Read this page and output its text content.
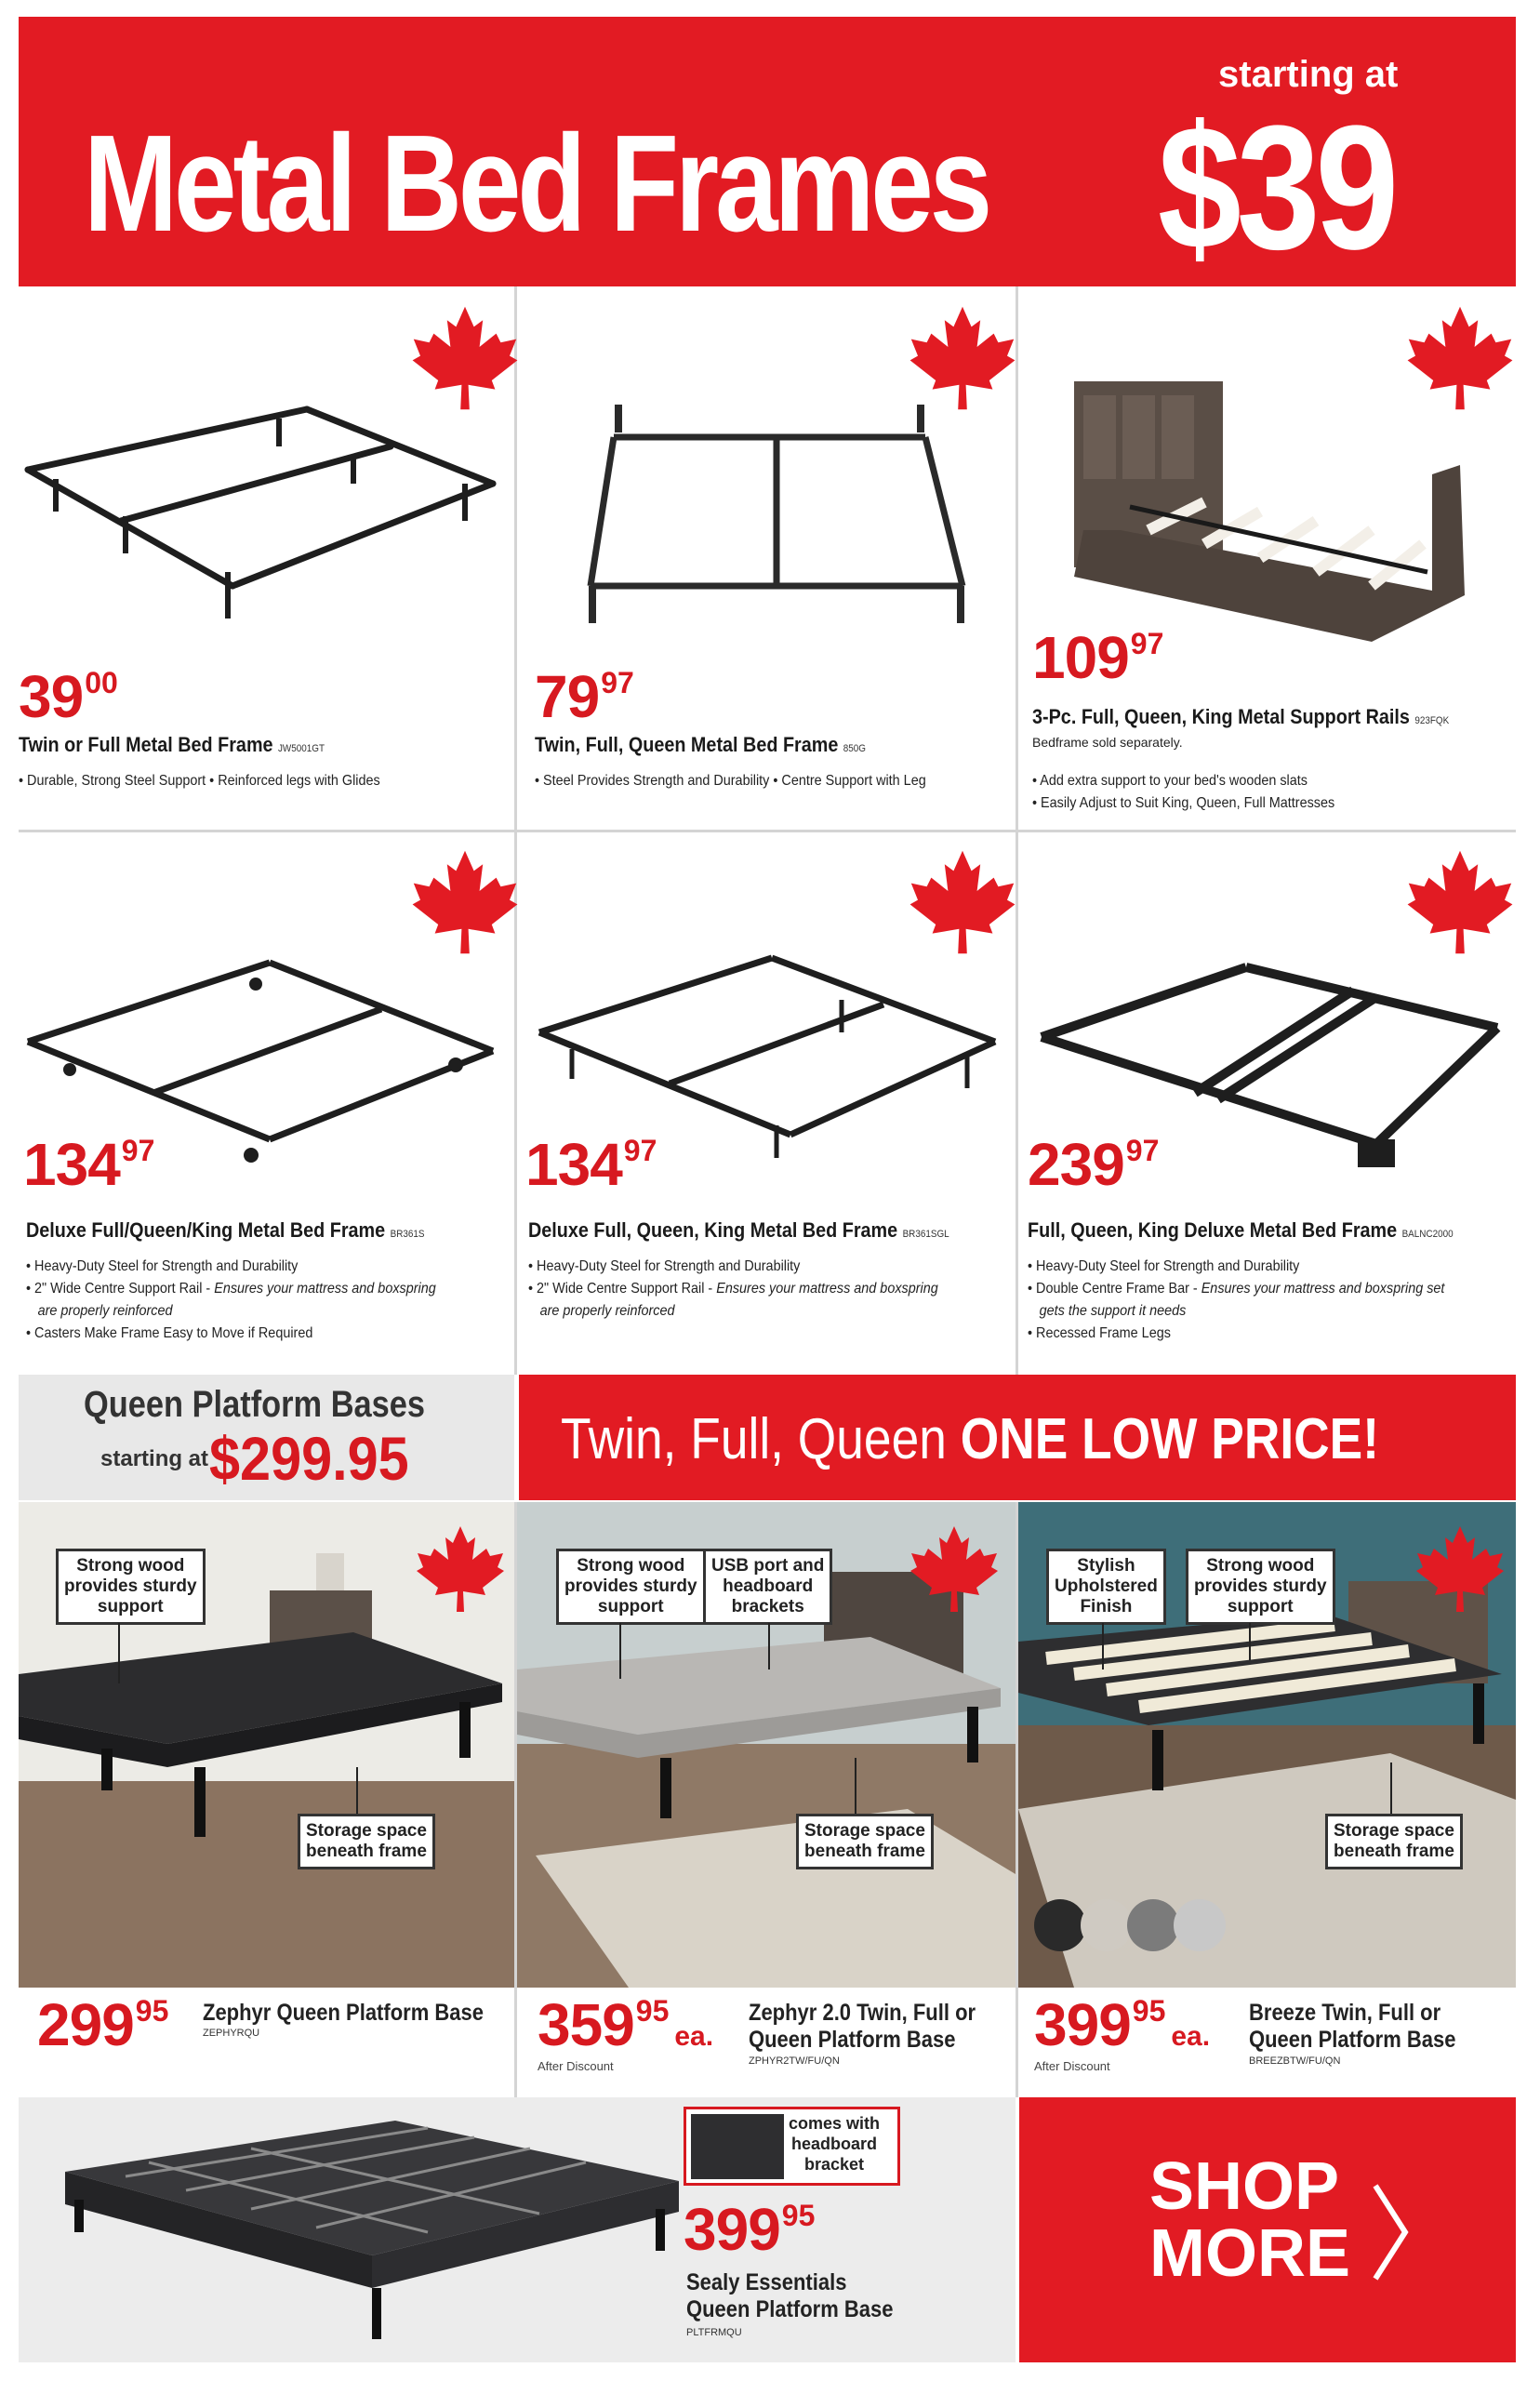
Metal Bed Frames
starting at
$39
3900
Twin or Full Metal Bed Frame JW5001GT
• Durable, Strong Steel Support • Reinforced legs with Glides
7997
Twin, Full, Queen Metal Bed Frame 850G
• Steel Provides Strength and Durability • Centre Support with Leg
10997
3-Pc. Full, Queen, King Metal Support Rails 923FQK
Bedframe sold separately.
• Add extra support to your bed's wooden slats
• Easily Adjust to Suit King, Queen, Full Mattresses
13497
Deluxe Full/Queen/King Metal Bed Frame BR361S
• Heavy-Duty Steel for Strength and Durability
• 2" Wide Centre Support Rail - Ensures your mattress and boxspring
are properly reinforced
• Casters Make Frame Easy to Move if Required
13497
Deluxe Full, Queen, King Metal Bed Frame BR361SGL
• Heavy-Duty Steel for Strength and Durability
• 2" Wide Centre Support Rail - Ensures your mattress and boxspring
are properly reinforced
23997
Full, Queen, King Deluxe Metal Bed Frame BALNC2000
• Heavy-Duty Steel for Strength and Durability
• Double Centre Frame Bar - Ensures your mattress and boxspring set
gets the support it needs
• Recessed Frame Legs
Queen Platform Bases
starting at $299.95	Twin, Full, Queen ONE LOW PRICE!
Strong wood
provides sturdy
support
Storage space
beneath frame
Strong wood
provides sturdy
support
USB port and
headboard
brackets
Storage space
beneath frame
Stylish
Upholstered
Finish
Strong wood
provides sturdy
support
Storage space
beneath frame
29995 Zephyr Queen Platform Base
ZEPHYRQU	35995ea.
After Discount
Zephyr 2.0 Twin, Full or
Queen Platform Base
ZPHYR2TW/FU/QN
39995ea.
After Discount
Breeze Twin, Full or
Queen Platform Base
BREEZBTW/FU/QN
comes with
headboard
bracket
39995
Sealy Essentials
Queen Platform Base
PLTFRMQU
SHOP
MORE
